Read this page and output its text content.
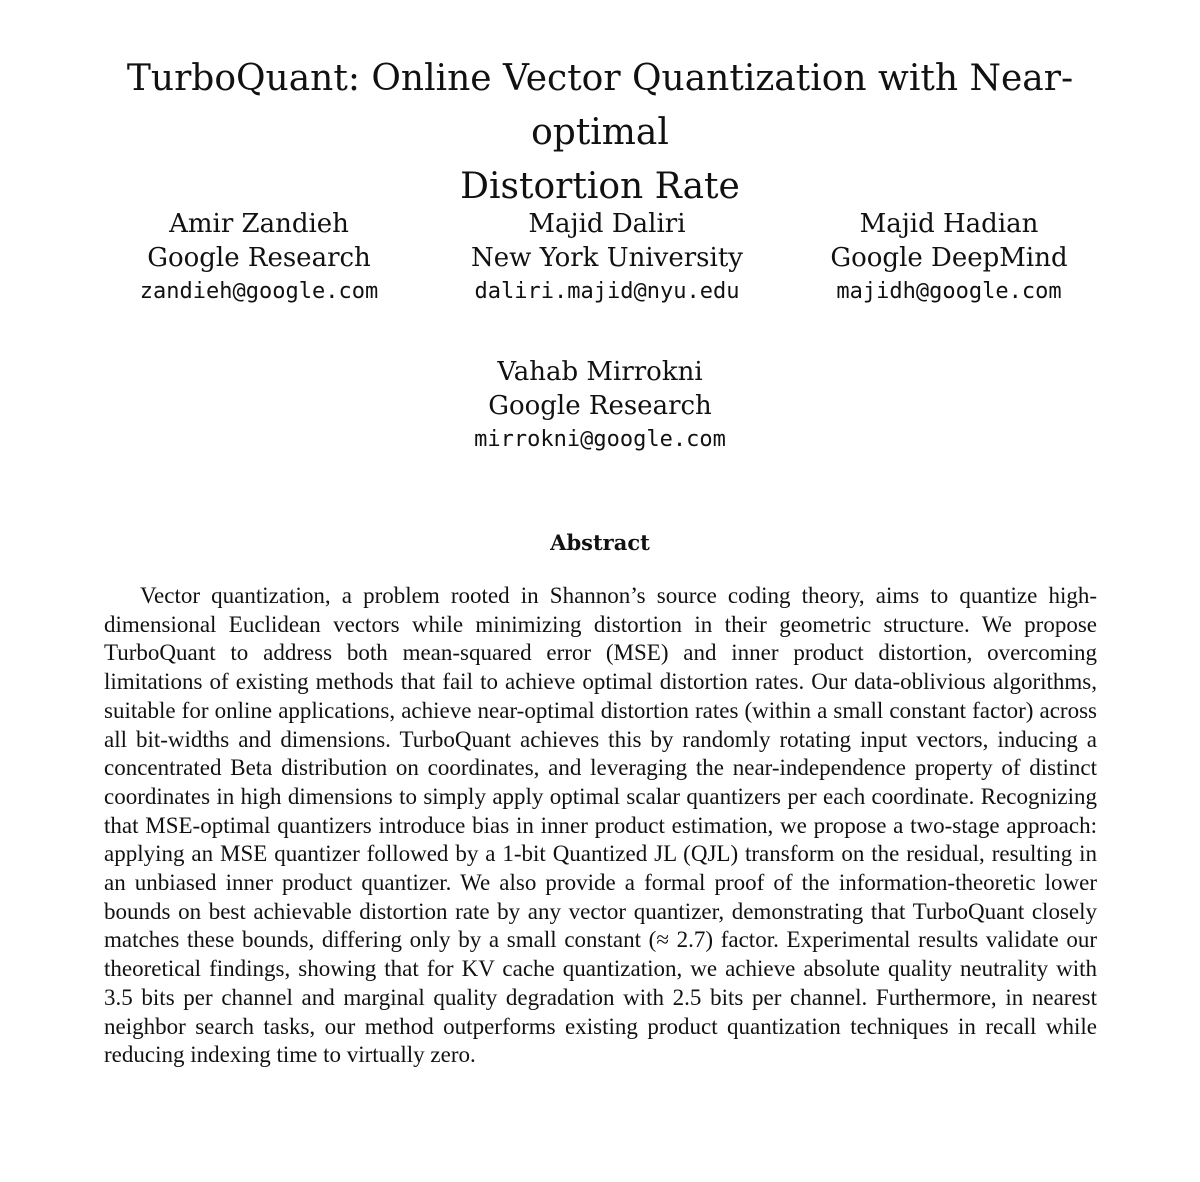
TurboQuant: Online Vector Quantization with Near-optimal
Distortion Rate
Amir Zandieh
Google Research
zandieh@google.com
Majid Daliri
New York University
daliri.majid@nyu.edu
Majid Hadian
Google DeepMind
majidh@google.com
Vahab Mirrokni
Google Research
mirrokni@google.com
Abstract

Vector quantization, a problem rooted in Shannon’s source coding theory, aims to quantize high-dimensional Euclidean vectors while minimizing distortion in their geometric structure. We propose TurboQuant to address both mean-squared error (MSE) and inner product distortion, overcoming limitations of existing methods that fail to achieve optimal distortion rates. Our data-oblivious algorithms, suitable for online applications, achieve near-optimal distortion rates (within a small constant factor) across all bit-widths and dimensions. TurboQuant achieves this by randomly rotating input vectors, inducing a concentrated Beta distribution on coordinates, and leveraging the near-independence property of distinct coordinates in high dimensions to simply apply optimal scalar quantizers per each coordinate. Recognizing that MSE-optimal quantizers introduce bias in inner product estimation, we propose a two-stage approach: applying an MSE quantizer followed by a 1-bit Quantized JL (QJL) transform on the residual, resulting in an unbiased inner product quantizer. We also provide a formal proof of the information-theoretic lower bounds on best achievable distortion rate by any vector quantizer, demonstrating that TurboQuant closely matches these bounds, differing only by a small constant (≈ 2.7) factor. Experimental results validate our theoretical findings, showing that for KV cache quantization, we achieve absolute quality neutrality with 3.5 bits per channel and marginal quality degradation with 2.5 bits per channel. Furthermore, in nearest neighbor search tasks, our method outperforms existing product quantization techniques in recall while reducing indexing time to virtually zero.
